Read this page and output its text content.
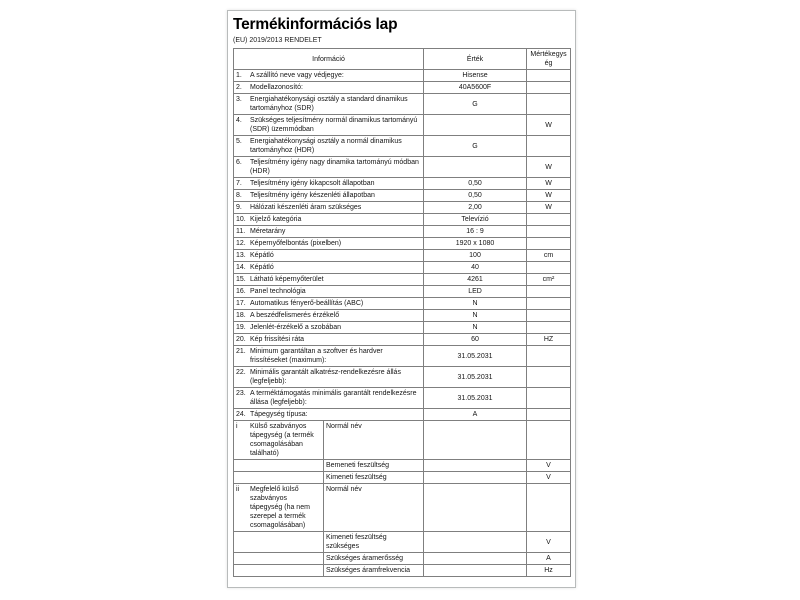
Termékinformációs lap
(EU) 2019/2013 RENDELET
Információ		Érték	Mértékegység
1. A szállító neve vagy védjegye:		Hisense	
2. Modellazonosító:		40A5600F	
3. Energiahatékonysági osztály a standard dinamikus tartományhoz (SDR)		G	
4. Szükséges teljesítmény normál dinamikus tartományú (SDR) üzemmódban			W
5. Energiahatékonysági osztály a normál dinamikus tartományhoz (HDR)		G	
6. Teljesítmény igény nagy dinamika tartományú módban (HDR)			W
7. Teljesítmény igény kikapcsolt állapotban		0,50	W
8. Teljesítmény igény készenléti állapotban		0,50	W
9. Hálózati készenléti áram szükséges		2,00	W
10. Kijelző kategória		Televízió	
11. Méretarány		16 : 9	
12. Képernyőfelbontás (pixelben)		1920 x 1080	
13. Képátló		100	cm
14. Képátló		40	
15. Látható képernyőterület		4261	cm²
16. Panel technológia		LED	
17. Automatikus fényerő-beállítás (ABC)		N	
18. A beszédfelismerés érzékelő		N	
19. Jelenlét-érzékelő a szobában		N	
20. Kép frissítési ráta		60	HZ
21. Minimum garantáltan a szoftver és hardver frissítéseket (maximum):		31.05.2031	
22. Minimális garantált alkatrész-rendelkezésre állás (legfeljebb):		31.05.2031	
23. A terméktámogatás minimális garantált rendelkezésre állása (legfeljebb):		31.05.2031	
24. Tápegység típusa:		A	
i Külső szabványos tápegység (a termék csomagolásában található)	Normál név		
	Bemeneti feszültség		V
	Kimeneti feszültség		V
ii Megfelelő külső szabványos tápegység (ha nem szerepel a termék csomagolásában)	Normál név		
	Kimeneti feszültség szükséges		V
	Szükséges áramerősség		A
	Szükséges áramfrekvencia		Hz
